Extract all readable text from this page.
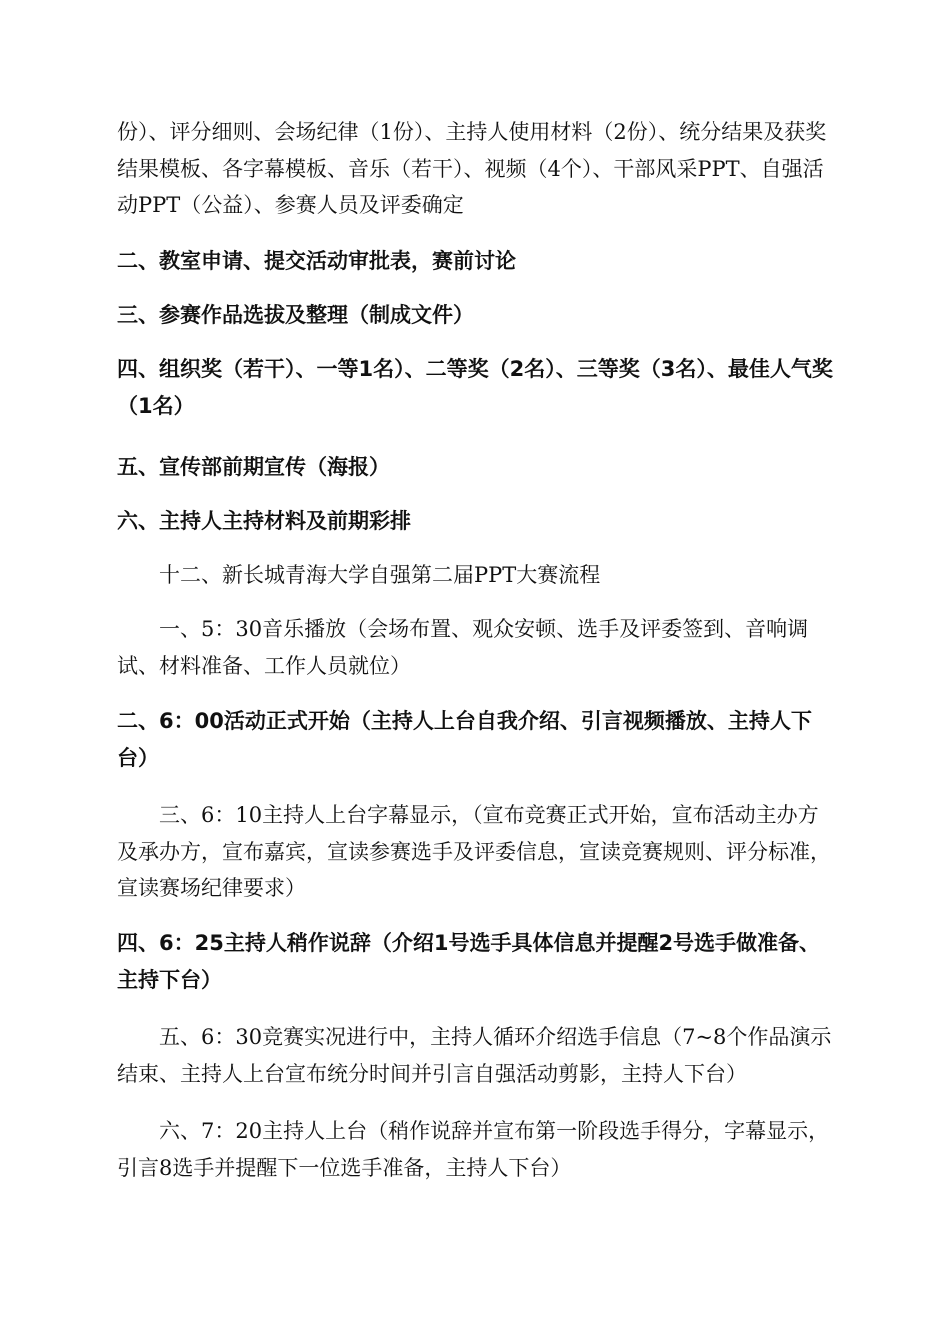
份）、评分细则、会场纪律（1份）、主持人使用材料（2份）、统分结果及获奖结果模板、各字幕模板、音乐（若干）、视频（4个）、干部风采PPT、自强活动PPT（公益）、参赛人员及评委确定
二、教室申请、提交活动审批表，赛前讨论
三、参赛作品选拔及整理（制成文件）
四、组织奖（若干）、一等1名）、二等奖（2名）、三等奖（3名）、最佳人气奖（1名）
五、宣传部前期宣传（海报）
六、主持人主持材料及前期彩排
十二、新长城青海大学自强第二届PPT大赛流程
一、5：30音乐播放（会场布置、观众安顿、选手及评委签到、音响调试、材料准备、工作人员就位）
二、6：00活动正式开始（主持人上台自我介绍、引言视频播放、主持人下台）
三、6：10主持人上台字幕显示，（宣布竞赛正式开始，宣布活动主办方及承办方，宣布嘉宾，宣读参赛选手及评委信息，宣读竞赛规则、评分标准，宣读赛场纪律要求）
四、6：25主持人稍作说辞（介绍1号选手具体信息并提醒2号选手做准备、主持下台）
五、6：30竞赛实况进行中，主持人循环介绍选手信息（7~8个作品演示结束、主持人上台宣布统分时间并引言自强活动剪影，主持人下台）
六、7：20主持人上台（稍作说辞并宣布第一阶段选手得分，字幕显示，引言8选手并提醒下一位选手准备，主持人下台）
